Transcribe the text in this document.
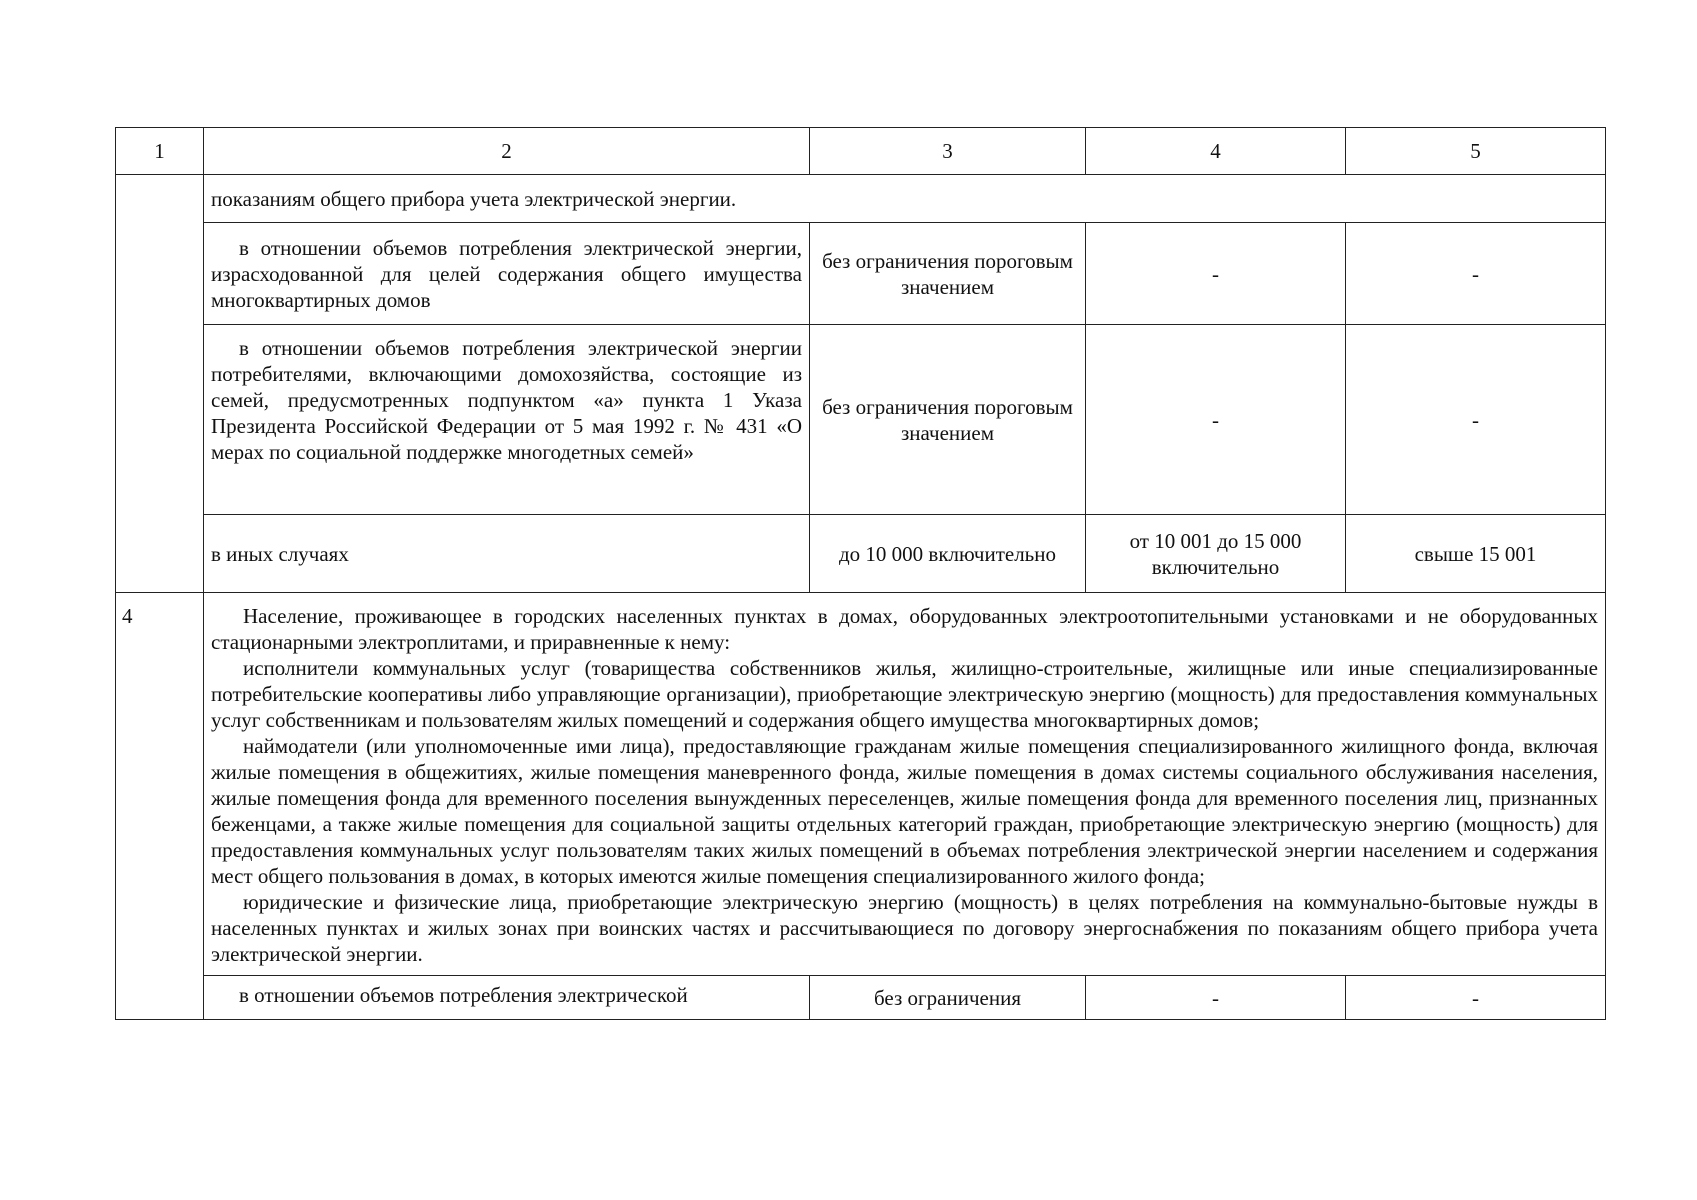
1	2	3	4	5
	показаниям общего прибора учета электрической энергии.			
	в отношении объемов потребления электрической энергии, израсходованной для целей содержания общего имущества многоквартирных домов	без ограничения пороговым значением	-	-
	в отношении объемов потребления электрической энергии потребителями, включающими домохозяйства, состоящие из семей, предусмотренных подпунктом «а» пункта 1 Указа Президента Российской Федерации от 5 мая 1992 г. № 431 «О мерах по социальной поддержке многодетных семей»	без ограничения пороговым значением	-	-
	в иных случаях	до 10 000 включительно	от 10 001 до 15 000 включительно	свыше 15 001
4	Население, проживающее в городских населенных пунктах в домах, оборудованных электроотопительными установками и не оборудованных стационарными электроплитами, и приравненные к нему:

исполнители коммунальных услуг (товарищества собственников жилья, жилищно-строительные, жилищные или иные специализированные потребительские кооперативы либо управляющие организации), приобретающие электрическую энергию (мощность) для предоставления коммунальных услуг собственникам и пользователям жилых помещений и содержания общего имущества многоквартирных домов;

наймодатели (или уполномоченные ими лица), предоставляющие гражданам жилые помещения специализированного жилищного фонда, включая жилые помещения в общежитиях, жилые помещения маневренного фонда, жилые помещения в домах системы социального обслуживания населения, жилые помещения фонда для временного поселения вынужденных переселенцев, жилые помещения фонда для временного поселения лиц, признанных беженцами, а также жилые помещения для социальной защиты отдельных категорий граждан, приобретающие электрическую энергию (мощность) для предоставления коммунальных услуг пользователям таких жилых помещений в объемах потребления электрической энергии населением и содержания мест общего пользования в домах, в которых имеются жилые помещения специализированного жилого фонда;

юридические и физические лица, приобретающие электрическую энергию (мощность) в целях потребления на коммунально-бытовые нужды в населенных пунктах и жилых зонах при воинских частях и рассчитывающиеся по договору энергоснабжения по показаниям общего прибора учета электрической энергии.			

	в отношении объемов потребления электрической	без ограничения	-	-
